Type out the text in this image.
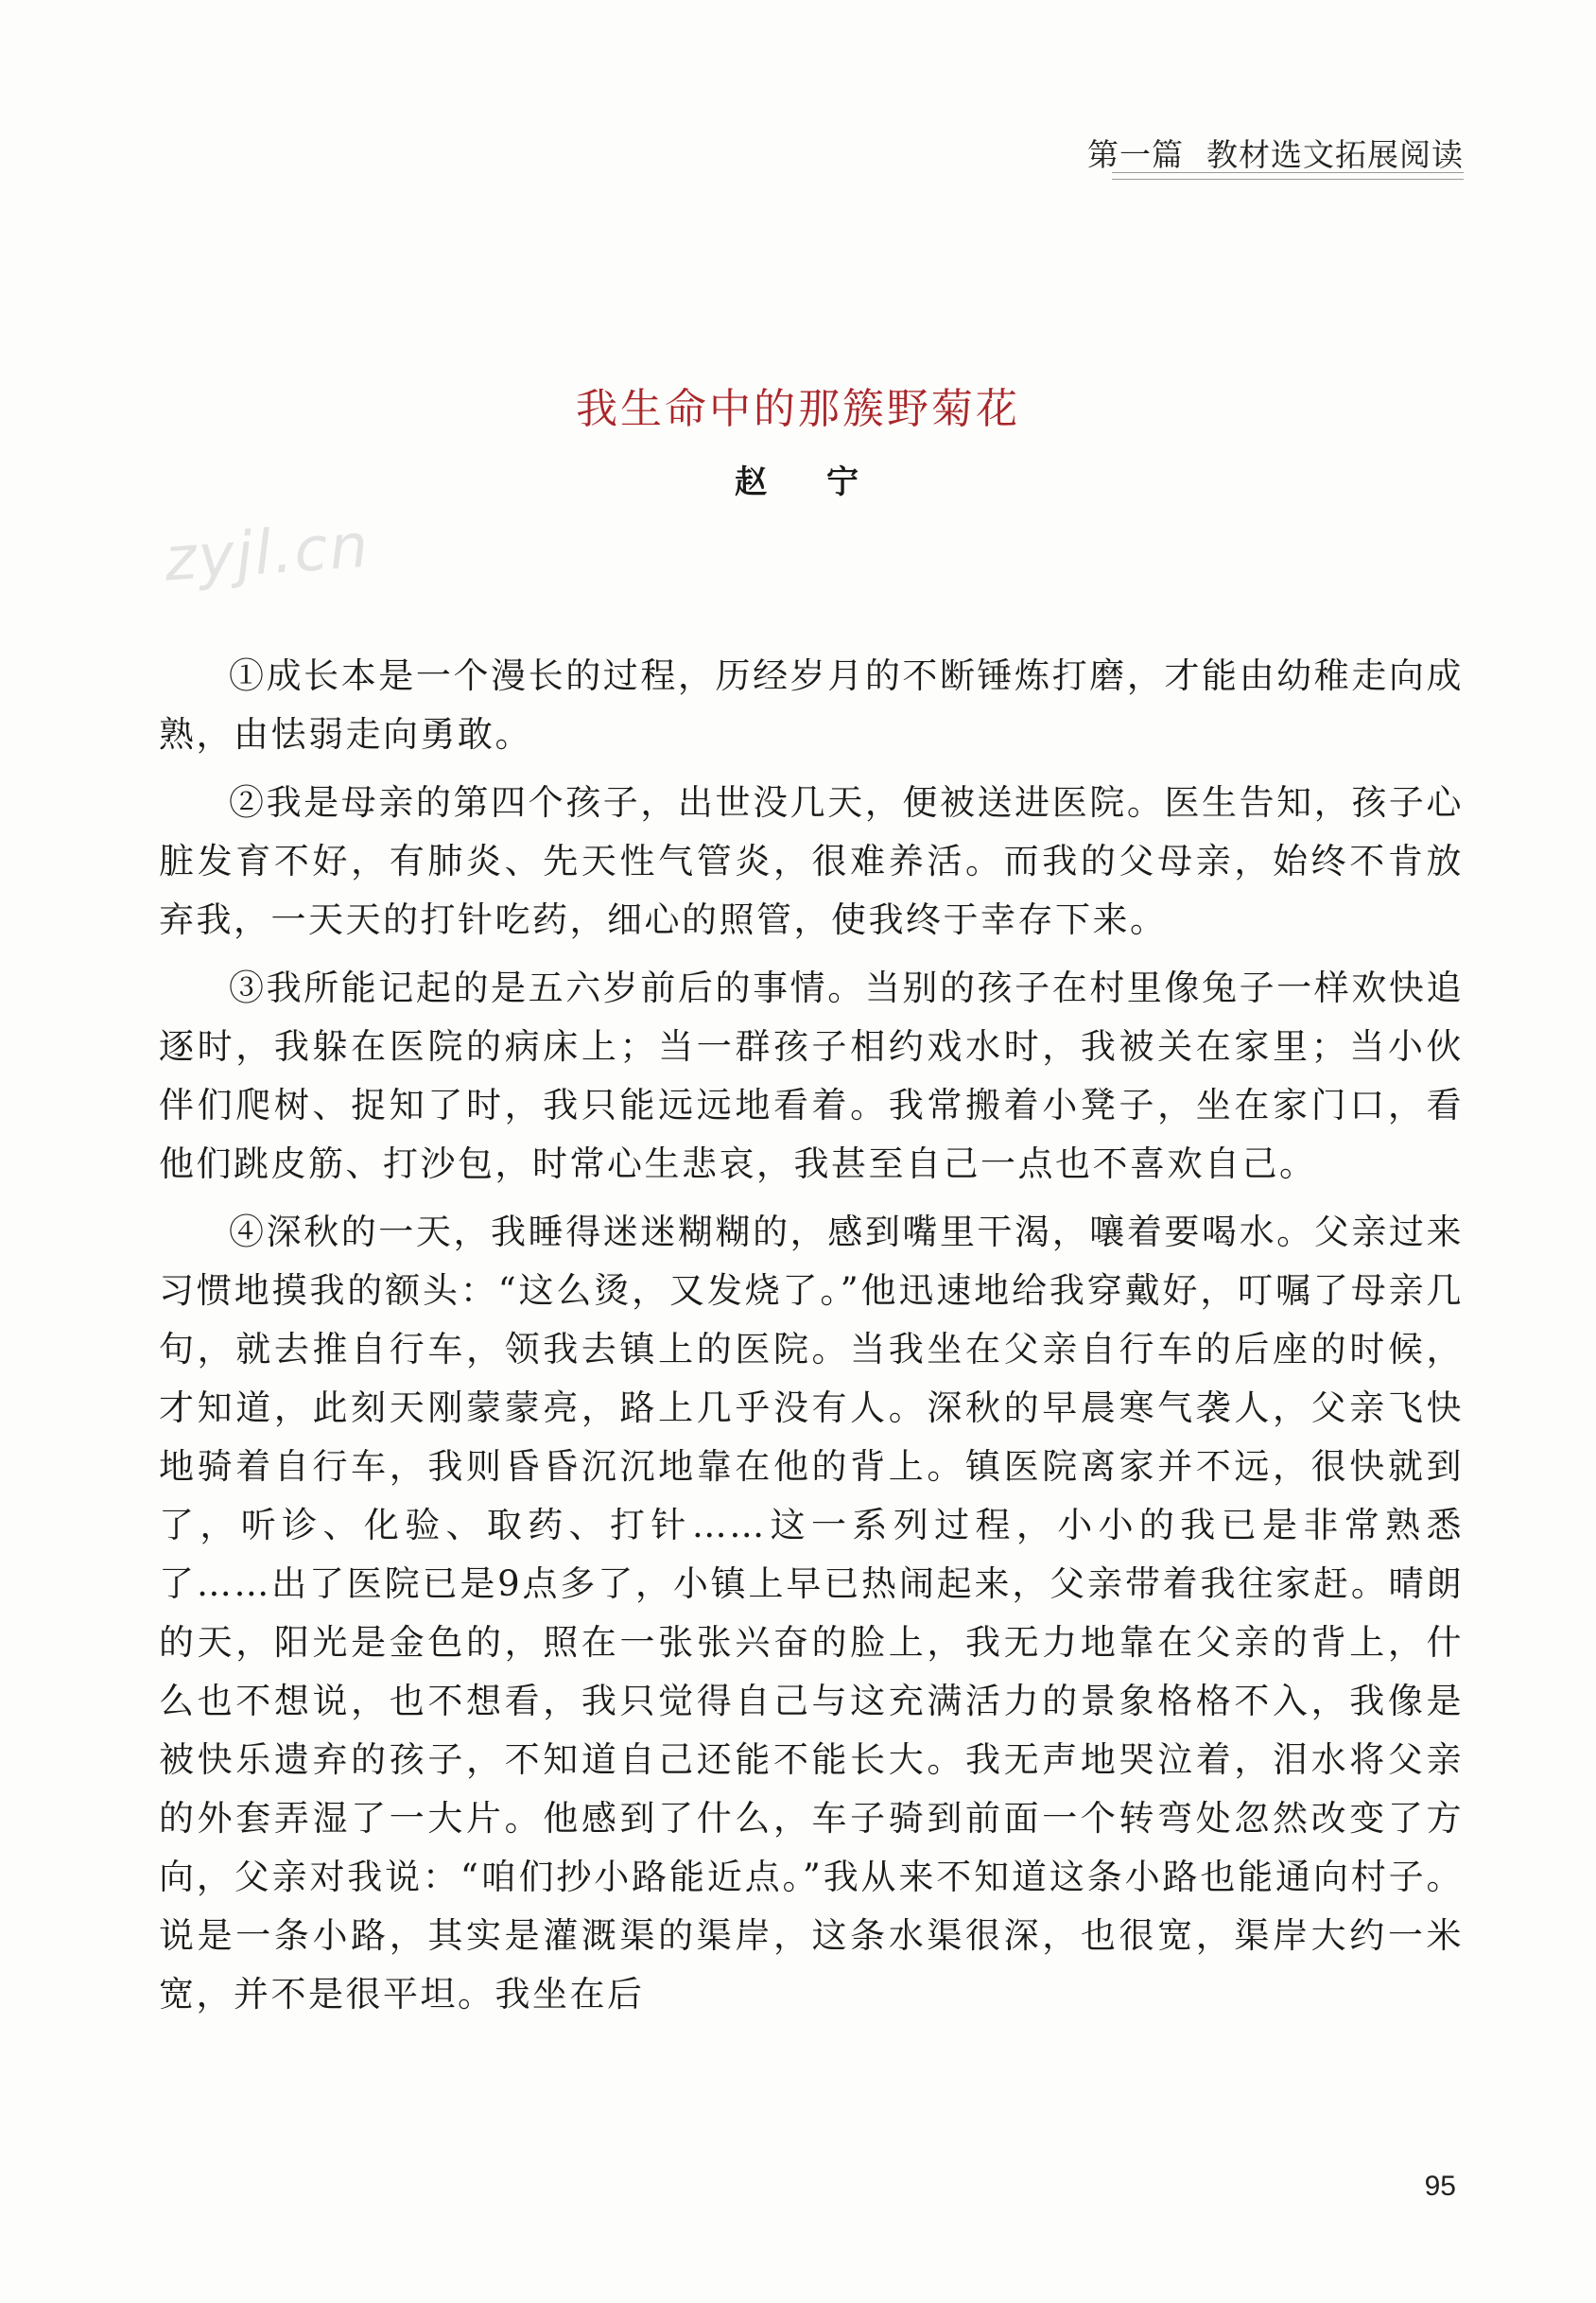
第一篇 教材选文拓展阅读
zyjl.cn
我生命中的那簇野菊花
赵 宁

①成长本是一个漫长的过程，历经岁月的不断锤炼打磨，才能由幼稚走向成熟，由怯弱走向勇敢。

②我是母亲的第四个孩子，出世没几天，便被送进医院。医生告知，孩子心脏发育不好，有肺炎、先天性气管炎，很难养活。而我的父母亲，始终不肯放弃我，一天天的打针吃药，细心的照管，使我终于幸存下来。

③我所能记起的是五六岁前后的事情。当别的孩子在村里像兔子一样欢快追逐时，我躲在医院的病床上；当一群孩子相约戏水时，我被关在家里；当小伙伴们爬树、捉知了时，我只能远远地看着。我常搬着小凳子，坐在家门口，看他们跳皮筋、打沙包，时常心生悲哀，我甚至自己一点也不喜欢自己。

④深秋的一天，我睡得迷迷糊糊的，感到嘴里干渴，嚷着要喝水。父亲过来习惯地摸我的额头：“这么烫，又发烧了。”他迅速地给我穿戴好，叮嘱了母亲几句，就去推自行车，领我去镇上的医院。当我坐在父亲自行车的后座的时候，才知道，此刻天刚蒙蒙亮，路上几乎没有人。深秋的早晨寒气袭人，父亲飞快地骑着自行车，我则昏昏沉沉地靠在他的背上。镇医院离家并不远，很快就到了，听诊、化验、取药、打针……这一系列过程，小小的我已是非常熟悉了……出了医院已是9点多了，小镇上早已热闹起来，父亲带着我往家赶。晴朗的天，阳光是金色的，照在一张张兴奋的脸上，我无力地靠在父亲的背上，什么也不想说，也不想看，我只觉得自己与这充满活力的景象格格不入，我像是被快乐遗弃的孩子，不知道自己还能不能长大。我无声地哭泣着，泪水将父亲的外套弄湿了一大片。他感到了什么，车子骑到前面一个转弯处忽然改变了方向，父亲对我说：“咱们抄小路能近点。”我从来不知道这条小路也能通向村子。说是一条小路，其实是灌溉渠的渠岸，这条水渠很深，也很宽，渠岸大约一米宽，并不是很平坦。我坐在后

95
